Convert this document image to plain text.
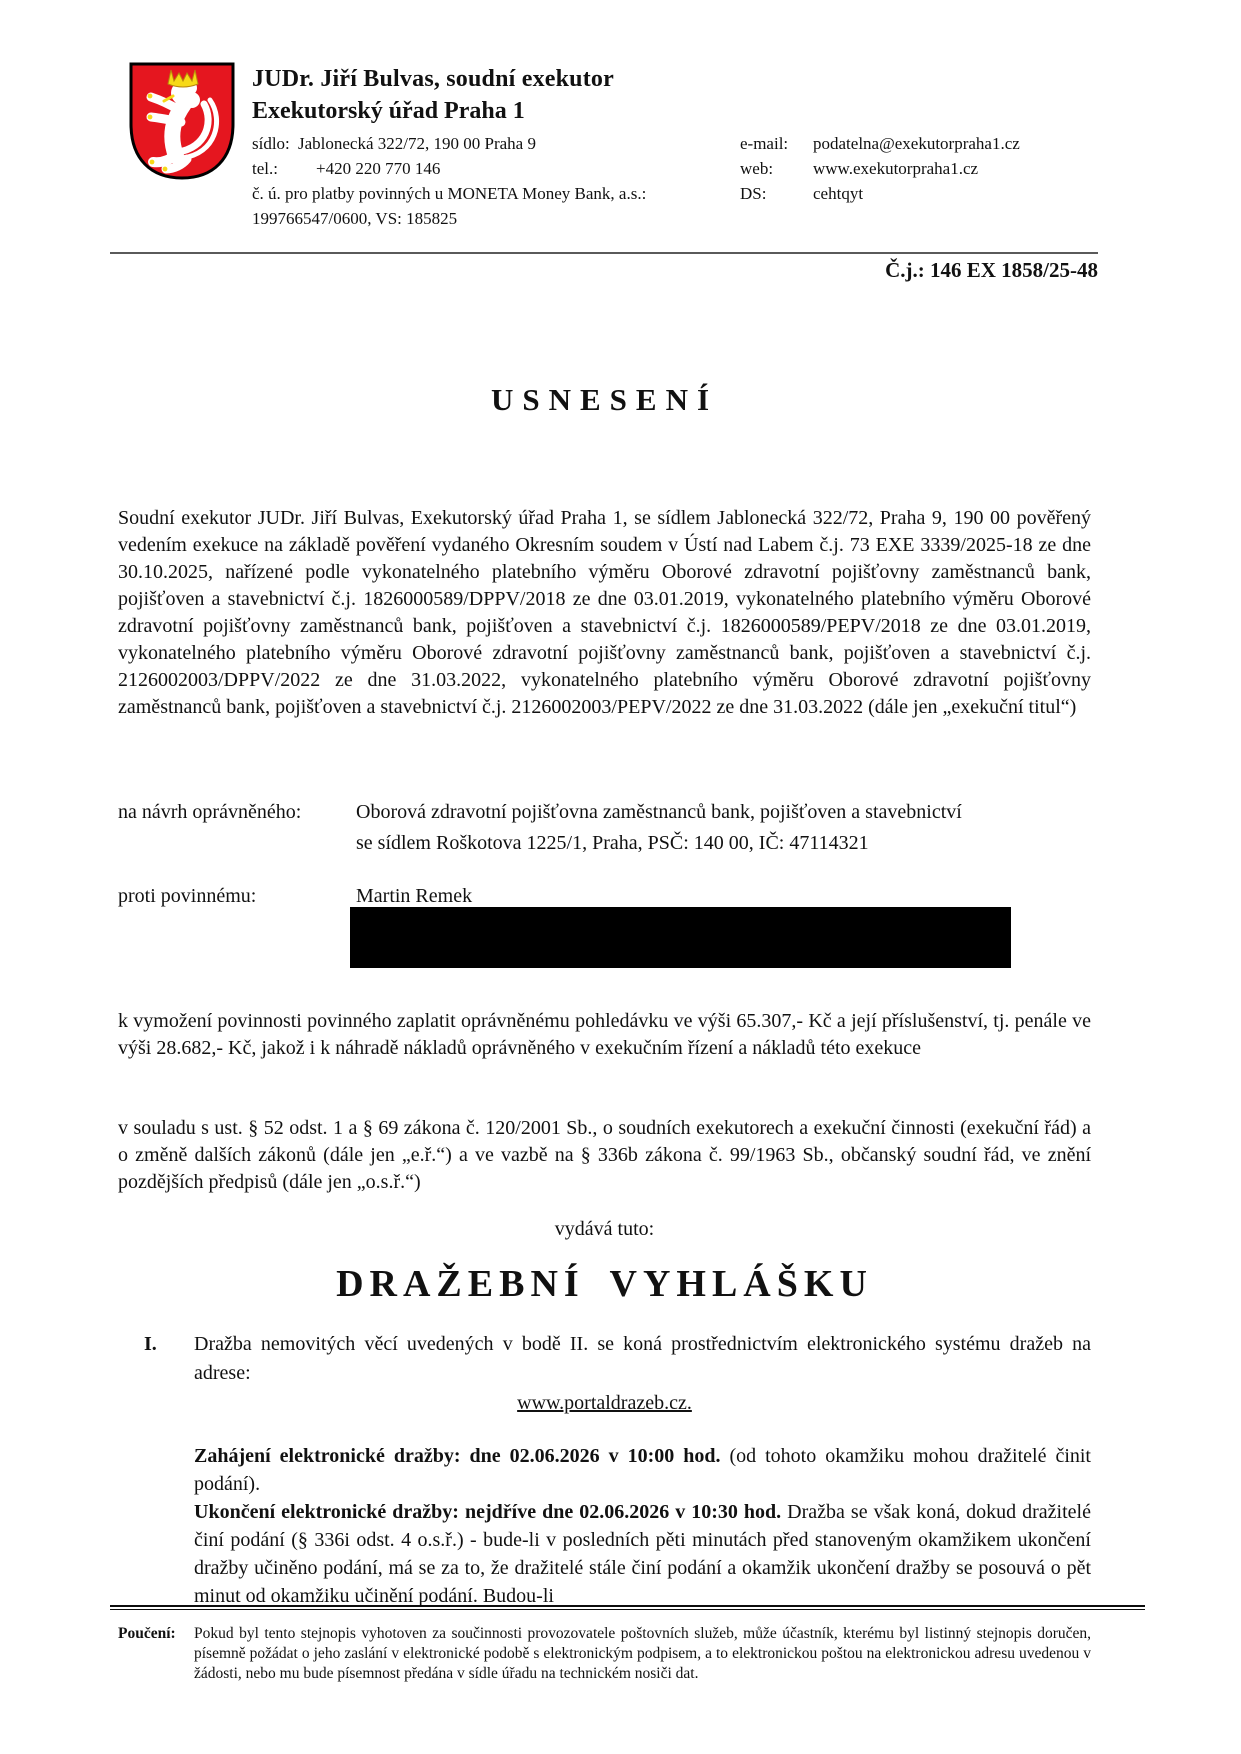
JUDr. Jiří Bulvas, soudní exekutor
Exekutorský úřad Praha 1
sídlo: Jablonecká 322/72, 190 00 Praha 9	e-mail:	podatelna@exekutorpraha1.cz
tel.: +420 220 770 146	web:	www.exekutorpraha1.cz
č. ú. pro platby povinných u MONETA Money Bank, a.s.:	DS:	cehtqyt
199766547/0600, VS: 185825
Č.j.: 146 EX 1858/25-48
USNESENÍ
Soudní exekutor JUDr. Jiří Bulvas, Exekutorský úřad Praha 1, se sídlem Jablonecká 322/72, Praha 9, 190 00 pověřený vedením exekuce na základě pověření vydaného Okresním soudem v Ústí nad Labem č.j. 73 EXE 3339/2025-18 ze dne 30.10.2025, nařízené podle vykonatelného platebního výměru Oborové zdravotní pojišťovny zaměstnanců bank, pojišťoven a stavebnictví č.j. 1826000589/DPPV/2018 ze dne 03.01.2019, vykonatelného platebního výměru Oborové zdravotní pojišťovny zaměstnanců bank, pojišťoven a stavebnictví č.j. 1826000589/PEPV/2018 ze dne 03.01.2019, vykonatelného platebního výměru Oborové zdravotní pojišťovny zaměstnanců bank, pojišťoven a stavebnictví č.j. 2126002003/DPPV/2022 ze dne 31.03.2022, vykonatelného platebního výměru Oborové zdravotní pojišťovny zaměstnanců bank, pojišťoven a stavebnictví č.j. 2126002003/PEPV/2022 ze dne 31.03.2022 (dále jen „exekuční titul“)
na návrh oprávněného:	Oborová zdravotní pojišťovna zaměstnanců bank, pojišťoven a stavebnictví
se sídlem Roškotova 1225/1, Praha, PSČ: 140 00, IČ: 47114321
proti povinnému:	Martin Remek
k vymožení povinnosti povinného zaplatit oprávněnému pohledávku ve výši 65.307,- Kč a její příslušenství, tj. penále ve výši 28.682,- Kč, jakož i k náhradě nákladů oprávněného v exekučním řízení a nákladů této exekuce
v souladu s ust. § 52 odst. 1 a § 69 zákona č. 120/2001 Sb., o soudních exekutorech a exekuční činnosti (exekuční řád) a o změně dalších zákonů (dále jen „e.ř.“) a ve vazbě na § 336b zákona č. 99/1963 Sb., občanský soudní řád, ve znění pozdějších předpisů (dále jen „o.s.ř.“)
vydává tuto:
DRAŽEBNÍ VYHLÁŠKU
I.	Dražba nemovitých věcí uvedených v bodě II. se koná prostřednictvím elektronického systému dražeb na adrese:
www.portaldrazeb.cz.
Zahájení elektronické dražby: dne 02.06.2026 v 10:00 hod. (od tohoto okamžiku mohou dražitelé činit podání).
Ukončení elektronické dražby: nejdříve dne 02.06.2026 v 10:30 hod. Dražba se však koná, dokud dražitelé činí podání (§ 336i odst. 4 o.s.ř.) - bude-li v posledních pěti minutách před stanoveným okamžikem ukončení dražby učiněno podání, má se za to, že dražitelé stále činí podání a okamžik ukončení dražby se posouvá o pět minut od okamžiku učinění podání. Budou-li
Poučení:	Pokud byl tento stejnopis vyhotoven za součinnosti provozovatele poštovních služeb, může účastník, kterému byl listinný stejnopis doručen, písemně požádat o jeho zaslání v elektronické podobě s elektronickým podpisem, a to elektronickou poštou na elektronickou adresu uvedenou v žádosti, nebo mu bude písemnost předána v sídle úřadu na technickém nosiči dat.
